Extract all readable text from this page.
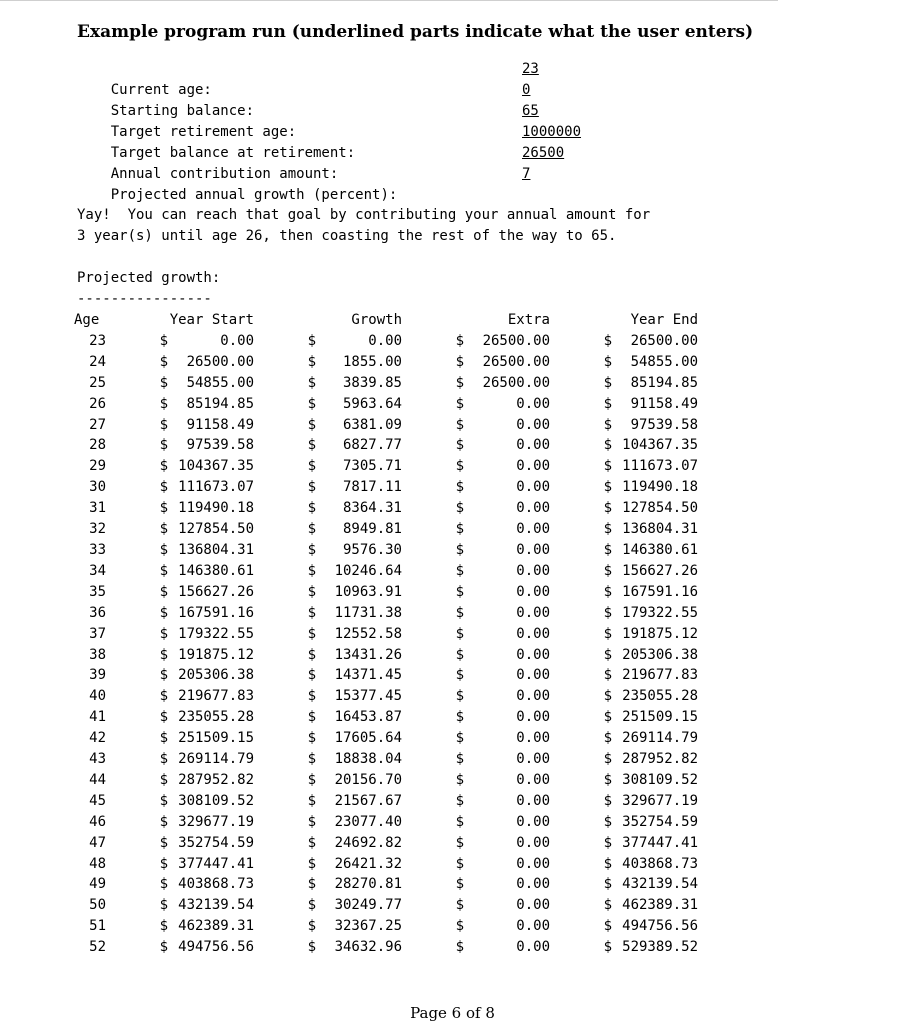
Example program run (underlined parts indicate what the user enters)

Current age:

23

Starting balance:

0

Target retirement age:

65

Target balance at retirement:

1000000

Annual contribution amount:

26500

Projected annual growth (percent):

7

Yay!  You can reach that goal by contributing your annual amount for
3 year(s) until age 26, then coasting the rest of the way to 65.
Projected growth:
----------------
Age		Year Start		Growth		Extra		Year End
23	$	0.00	$	0.00	$	26500.00	$	26500.00
24	$	26500.00	$	1855.00	$	26500.00	$	54855.00
25	$	54855.00	$	3839.85	$	26500.00	$	85194.85
26	$	85194.85	$	5963.64	$	0.00	$	91158.49
27	$	91158.49	$	6381.09	$	0.00	$	97539.58
28	$	97539.58	$	6827.77	$	0.00	$	104367.35
29	$	104367.35	$	7305.71	$	0.00	$	111673.07
30	$	111673.07	$	7817.11	$	0.00	$	119490.18
31	$	119490.18	$	8364.31	$	0.00	$	127854.50
32	$	127854.50	$	8949.81	$	0.00	$	136804.31
33	$	136804.31	$	9576.30	$	0.00	$	146380.61
34	$	146380.61	$	10246.64	$	0.00	$	156627.26
35	$	156627.26	$	10963.91	$	0.00	$	167591.16
36	$	167591.16	$	11731.38	$	0.00	$	179322.55
37	$	179322.55	$	12552.58	$	0.00	$	191875.12
38	$	191875.12	$	13431.26	$	0.00	$	205306.38
39	$	205306.38	$	14371.45	$	0.00	$	219677.83
40	$	219677.83	$	15377.45	$	0.00	$	235055.28
41	$	235055.28	$	16453.87	$	0.00	$	251509.15
42	$	251509.15	$	17605.64	$	0.00	$	269114.79
43	$	269114.79	$	18838.04	$	0.00	$	287952.82
44	$	287952.82	$	20156.70	$	0.00	$	308109.52
45	$	308109.52	$	21567.67	$	0.00	$	329677.19
46	$	329677.19	$	23077.40	$	0.00	$	352754.59
47	$	352754.59	$	24692.82	$	0.00	$	377447.41
48	$	377447.41	$	26421.32	$	0.00	$	403868.73
49	$	403868.73	$	28270.81	$	0.00	$	432139.54
50	$	432139.54	$	30249.77	$	0.00	$	462389.31
51	$	462389.31	$	32367.25	$	0.00	$	494756.56
52	$	494756.56	$	34632.96	$	0.00	$	529389.52
Page 6 of 8
